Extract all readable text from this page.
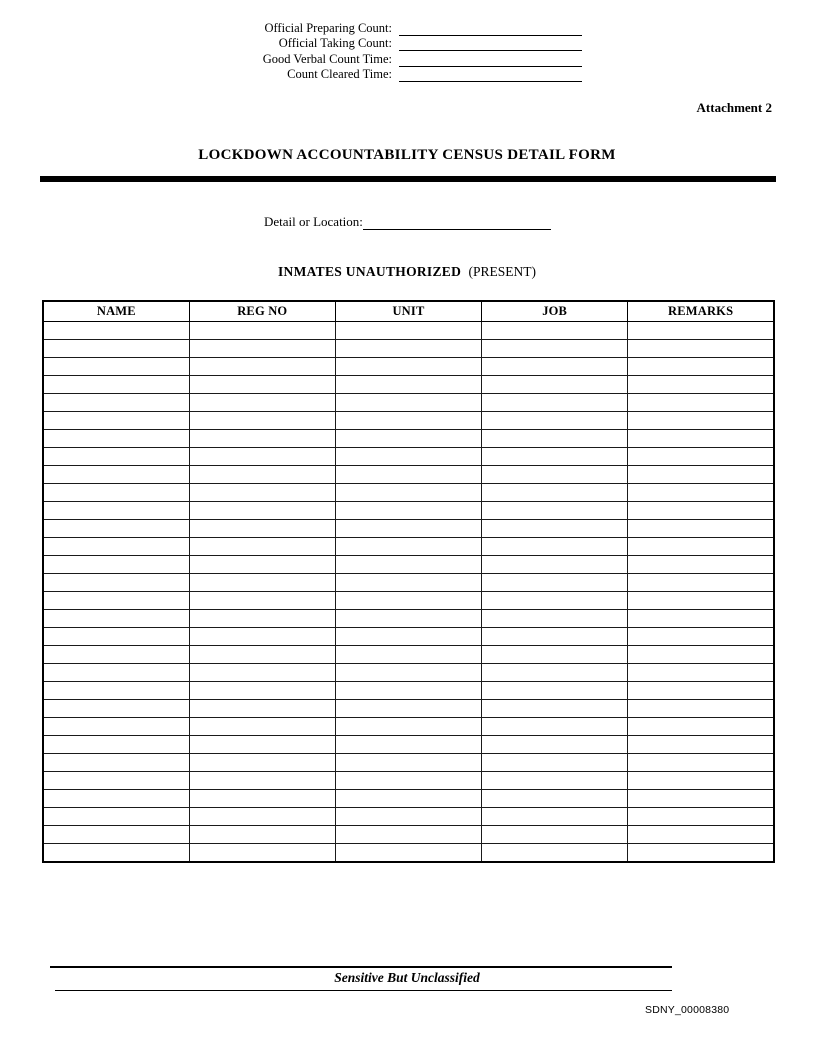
Official Preparing Count:
Official Taking Count:
Good Verbal Count Time:
Count Cleared Time:
Attachment 2
LOCKDOWN ACCOUNTABILITY CENSUS DETAIL FORM
Detail or Location:
INMATES UNAUTHORIZED (PRESENT)
NAME	REG NO	UNIT	JOB	REMARKS

Sensitive But Unclassified
SDNY_00008380
